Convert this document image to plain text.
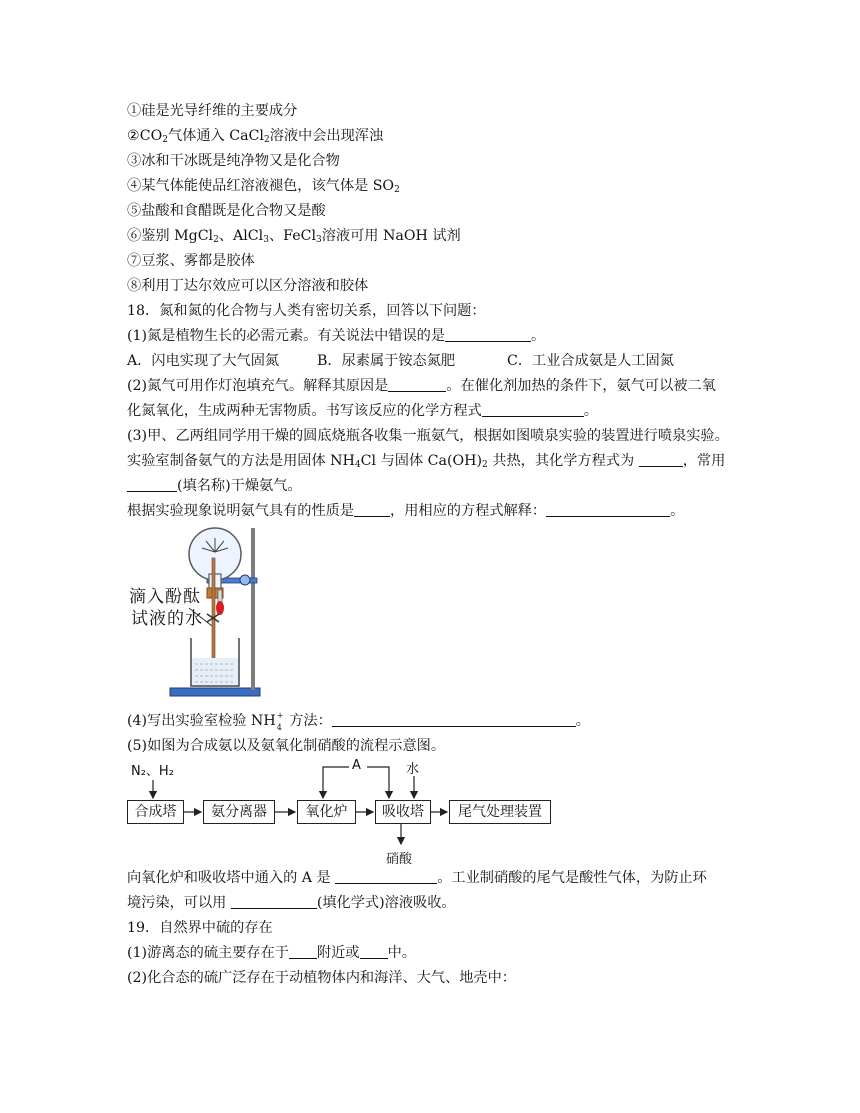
①硅是光导纤维的主要成分
$②CO_2$气体通入 CaCl$_2$溶液中会出现浑浊
③冰和干冰既是纯净物又是化合物
④某气体能使品红溶液褪色，该气体是 $SO_2$
⑤盐酸和食醋既是化合物又是酸
⑥鉴别 MgCl$_2$、AlCl$_3$、FeCl$_3$溶液可用 NaOH 试剂
⑦豆浆、雾都是胶体
⑧利用丁达尔效应可以区分溶液和胶体
18．氮和氮的化合物与人类有密切关系，回答以下问题：
(1)氮是植物生长的必需元素。有关说法中错误的是	。
A．闪电实现了大气固氮	B．尿素属于铵态氮肥	C．工业合成氨是人工固氮
(2)氮气可用作灯泡填充气。解释其原因是	。在催化剂加热的条件下，氨气可以被二氧
化氮氧化，生成两种无害物质。书写该反应的化学方程式	。
(3)甲、乙两组同学用干燥的圆底烧瓶各收集一瓶氨气，根据如图喷泉实验的装置进行喷泉实验。
实验室制备氨气的方法是用固体 $NH_4Cl$ 与固体 $Ca(OH)_2$ 共热，其化学方程式为	，常用
(填名称)干燥氨气。
根据实验现象说明氨气具有的性质是	，用相应的方程式解释：	。
滴入酚酞
试液的水
(4)写出实验室检验 NH +
4 方法：	。
(5)如图为合成氨以及氨氧化制硝酸的流程示意图。
N₂、H₂	A	水
合成塔	氨分离器	氧化炉	吸收塔	尾气处理装置
硝酸
向氧化炉和吸收塔中通入的 A 是	。工业制硝酸的尾气是酸性气体，为防止环
境污染，可以用	(填化学式)溶液吸收。
19．自然界中硫的存在
(1)游离态的硫主要存在于 附近或 中。
(2)化合态的硫广泛存在于动植物体内和海洋、大气、地壳中：
